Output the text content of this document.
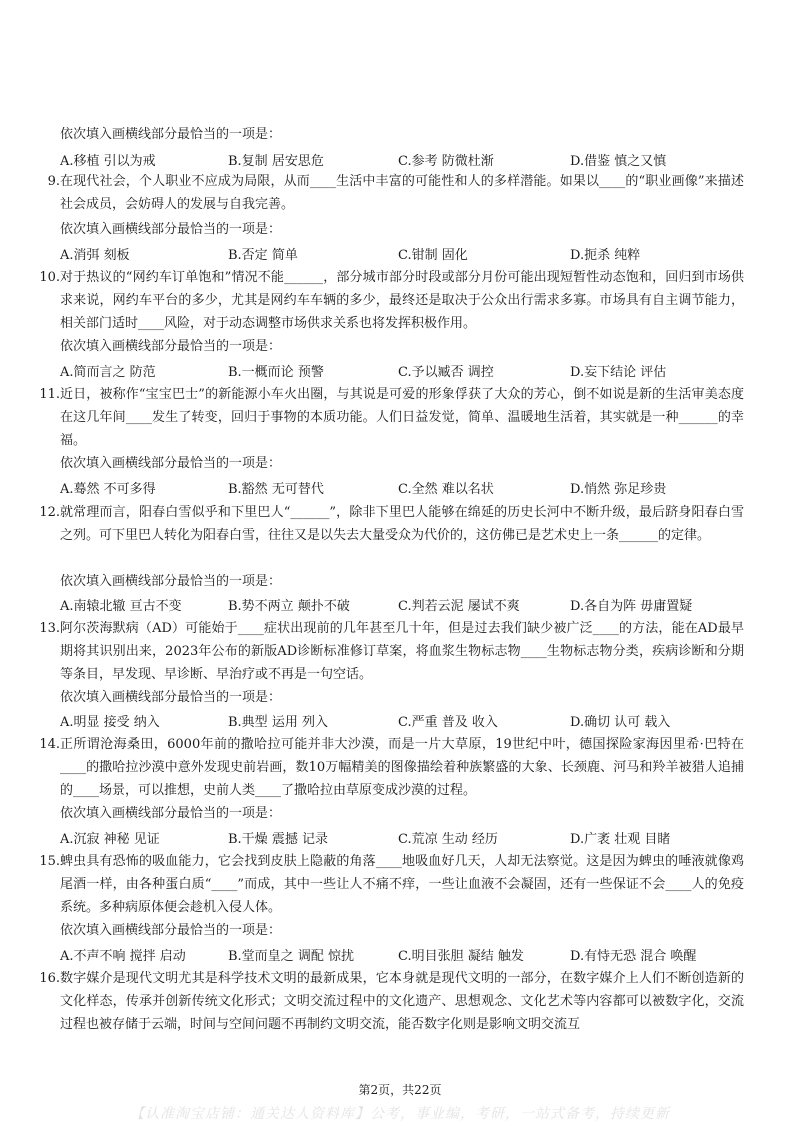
依次填入画横线部分最恰当的一项是：
A.移植 引以为戒	B.复制 居安思危	C.参考 防微杜渐	D.借鉴 慎之又慎
9. 在现代社会，个人职业不应成为局限，从而____生活中丰富的可能性和人的多样潜能。如果以____的“职业画像”来描述社会成员，会妨碍人的发展与自我完善。
依次填入画横线部分最恰当的一项是：
A.消弭 刻板	B.否定 简单	C.钳制 固化	D.扼杀 纯粹
10. 对于热议的“网约车订单饱和”情况不能______，部分城市部分时段或部分月份可能出现短暂性动态饱和，回归到市场供求来说，网约车平台的多少，尤其是网约车车辆的多少，最终还是取决于公众出行需求多寡。市场具有自主调节能力，相关部门适时____风险，对于动态调整市场供求关系也将发挥积极作用。
依次填入画横线部分最恰当的一项是：
A.简而言之 防范	B.一概而论 预警	C.予以臧否 调控	D.妄下结论 评估
11. 近日，被称作“宝宝巴士”的新能源小车火出圈，与其说是可爱的形象俘获了大众的芳心，倒不如说是新的生活审美态度在这几年间____发生了转变，回归于事物的本质功能。人们日益发觉，简单、温暖地生活着，其实就是一种______的幸福。
依次填入画横线部分最恰当的一项是：
A.蓦然 不可多得	B.豁然 无可替代	C.全然 难以名状	D.悄然 弥足珍贵
12. 就常理而言，阳春白雪似乎和下里巴人“______”，除非下里巴人能够在绵延的历史长河中不断升级，最后跻身阳春白雪之列。可下里巴人转化为阳春白雪，往往又是以失去大量受众为代价的，这仿佛已是艺术史上一条______的定律。
依次填入画横线部分最恰当的一项是：
A.南辕北辙 亘古不变	B.势不两立 颠扑不破	C.判若云泥 屡试不爽	D.各自为阵 毋庸置疑
13. 阿尔茨海默病（AD）可能始于____症状出现前的几年甚至几十年，但是过去我们缺少被广泛____的方法，能在AD最早期将其识别出来，2023年公布的新版AD诊断标准修订草案，将血浆生物标志物____生物标志物分类，疾病诊断和分期等条目，早发现、早诊断、早治疗或不再是一句空话。
依次填入画横线部分最恰当的一项是：
A.明显 接受 纳入	B.典型 运用 列入	C.严重 普及 收入	D.确切 认可 载入
14. 正所谓沧海桑田，6000年前的撒哈拉可能并非大沙漠，而是一片大草原，19世纪中叶，德国探险家海因里希·巴特在____的撒哈拉沙漠中意外发现史前岩画，数10万幅精美的图像描绘着种族繁盛的大象、长颈鹿、河马和羚羊被猎人追捕的____场景，可以推想，史前人类____了撒哈拉由草原变成沙漠的过程。
依次填入画横线部分最恰当的一项是：
A.沉寂 神秘 见证	B.干燥 震撼 记录	C.荒凉 生动 经历	D.广袤 壮观 目睹
15. 蜱虫具有恐怖的吸血能力，它会找到皮肤上隐蔽的角落____地吸血好几天，人却无法察觉。这是因为蜱虫的唾液就像鸡尾酒一样，由各种蛋白质“____”而成，其中一些让人不痛不痒，一些让血液不会凝固，还有一些保证不会____人的免疫系统。多种病原体便会趁机入侵人体。
依次填入画横线部分最恰当的一项是：
A.不声不响 搅拌 启动	B.堂而皇之 调配 惊扰	C.明目张胆 凝结 触发	D.有恃无恐 混合 唤醒
16. 数字媒介是现代文明尤其是科学技术文明的最新成果，它本身就是现代文明的一部分，在数字媒介上人们不断创造新的文化样态，传承并创新传统文化形式；文明交流过程中的文化遗产、思想观念、文化艺术等内容都可以被数字化，交流过程也被存储于云端，时间与空间问题不再制约文明交流，能否数字化则是影响文明交流互
第2页，共22页
【认准淘宝店铺：通关达人资料库】公考，事业编，考研，一站式备考，持续更新
